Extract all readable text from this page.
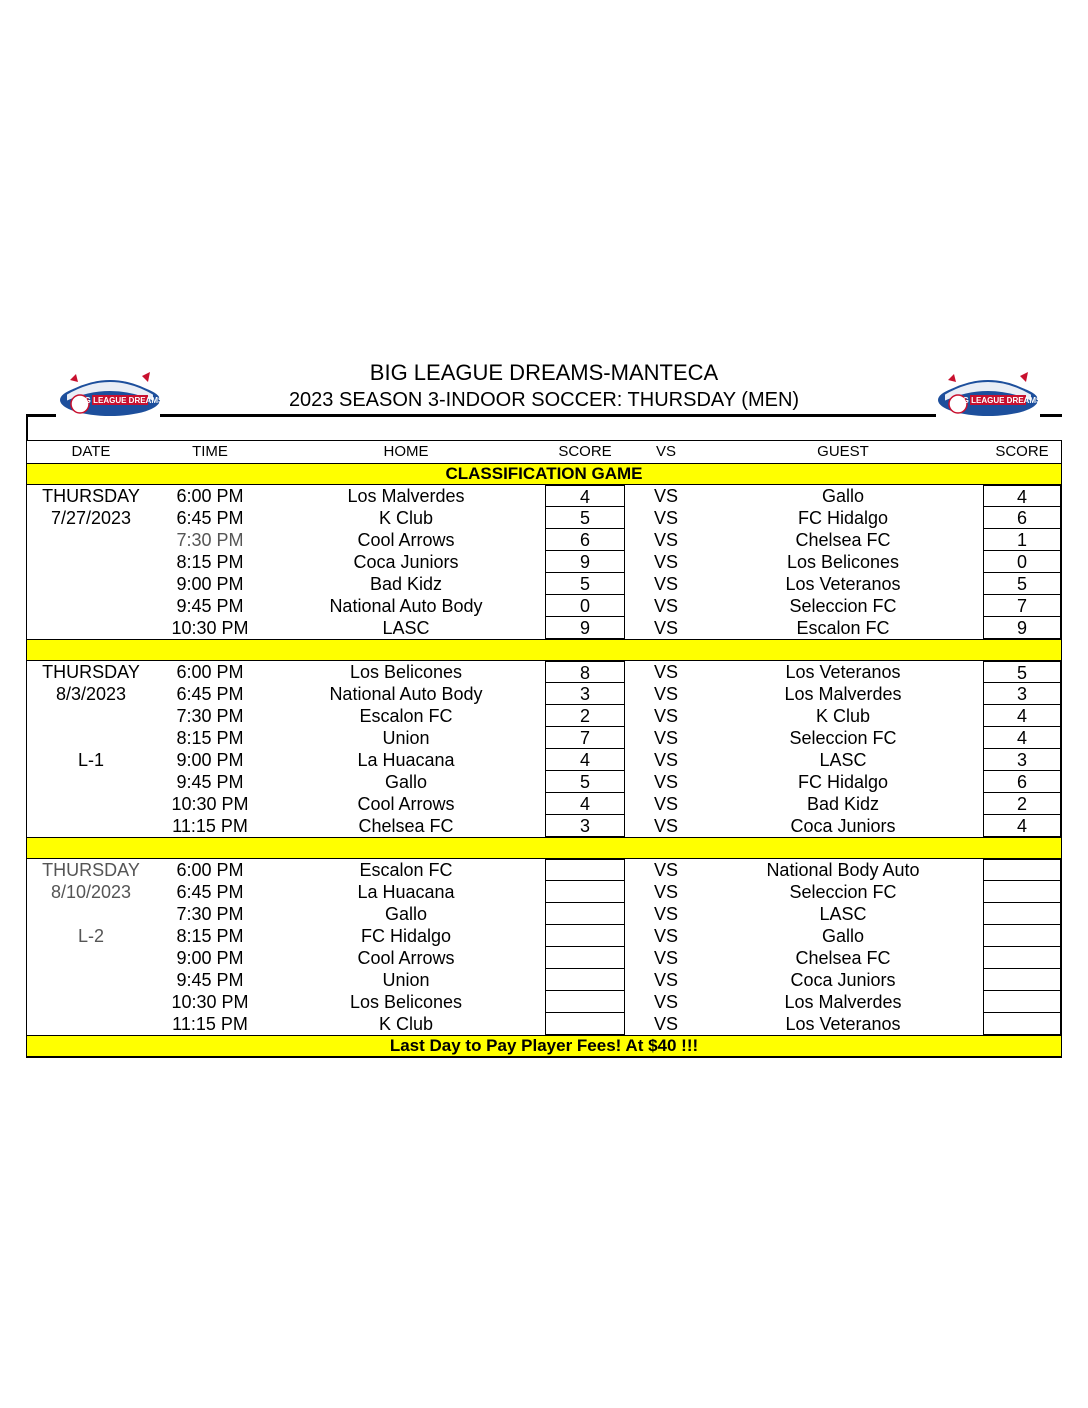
BIG LEAGUE DREAMS-MANTECA
2023 SEASON 3-INDOOR SOCCER: THURSDAY (MEN)
BIG LEAGUE DREAMS	BIG LEAGUE DREAMS
DATE	TIME	HOME	SCORE	VS	GUEST	SCORE
CLASSIFICATION GAME
THURSDAY	6:00 PM	Los Malverdes	4	VS	Gallo	4
7/27/2023	6:45 PM	K Club	5	VS	FC Hidalgo	6
7:30 PM	Cool Arrows	6	VS	Chelsea FC	1
8:15 PM	Coca Juniors	9	VS	Los Belicones	0
9:00 PM	Bad Kidz	5	VS	Los Veteranos	5
9:45 PM	National Auto Body	0	VS	Seleccion FC	7
10:30 PM	LASC	9	VS	Escalon FC	9
THURSDAY	6:00 PM	Los Belicones	8	VS	Los Veteranos	5
8/3/2023	6:45 PM	National Auto Body	3	VS	Los Malverdes	3
7:30 PM	Escalon FC	2	VS	K Club	4
8:15 PM	Union	7	VS	Seleccion FC	4
L-1	9:00 PM	La Huacana	4	VS	LASC	3
9:45 PM	Gallo	5	VS	FC Hidalgo	6
10:30 PM	Cool Arrows	4	VS	Bad Kidz	2
11:15 PM	Chelsea FC	3	VS	Coca Juniors	4
THURSDAY	6:00 PM	Escalon FC	VS	National Body Auto
8/10/2023	6:45 PM	La Huacana	VS	Seleccion FC
7:30 PM	Gallo	VS	LASC
L-2	8:15 PM	FC Hidalgo	VS	Gallo
9:00 PM	Cool Arrows	VS	Chelsea FC
9:45 PM	Union	VS	Coca Juniors
10:30 PM	Los Belicones	VS	Los Malverdes
11:15 PM	K Club	VS	Los Veteranos
Last Day to Pay Player Fees! At $40 !!!
